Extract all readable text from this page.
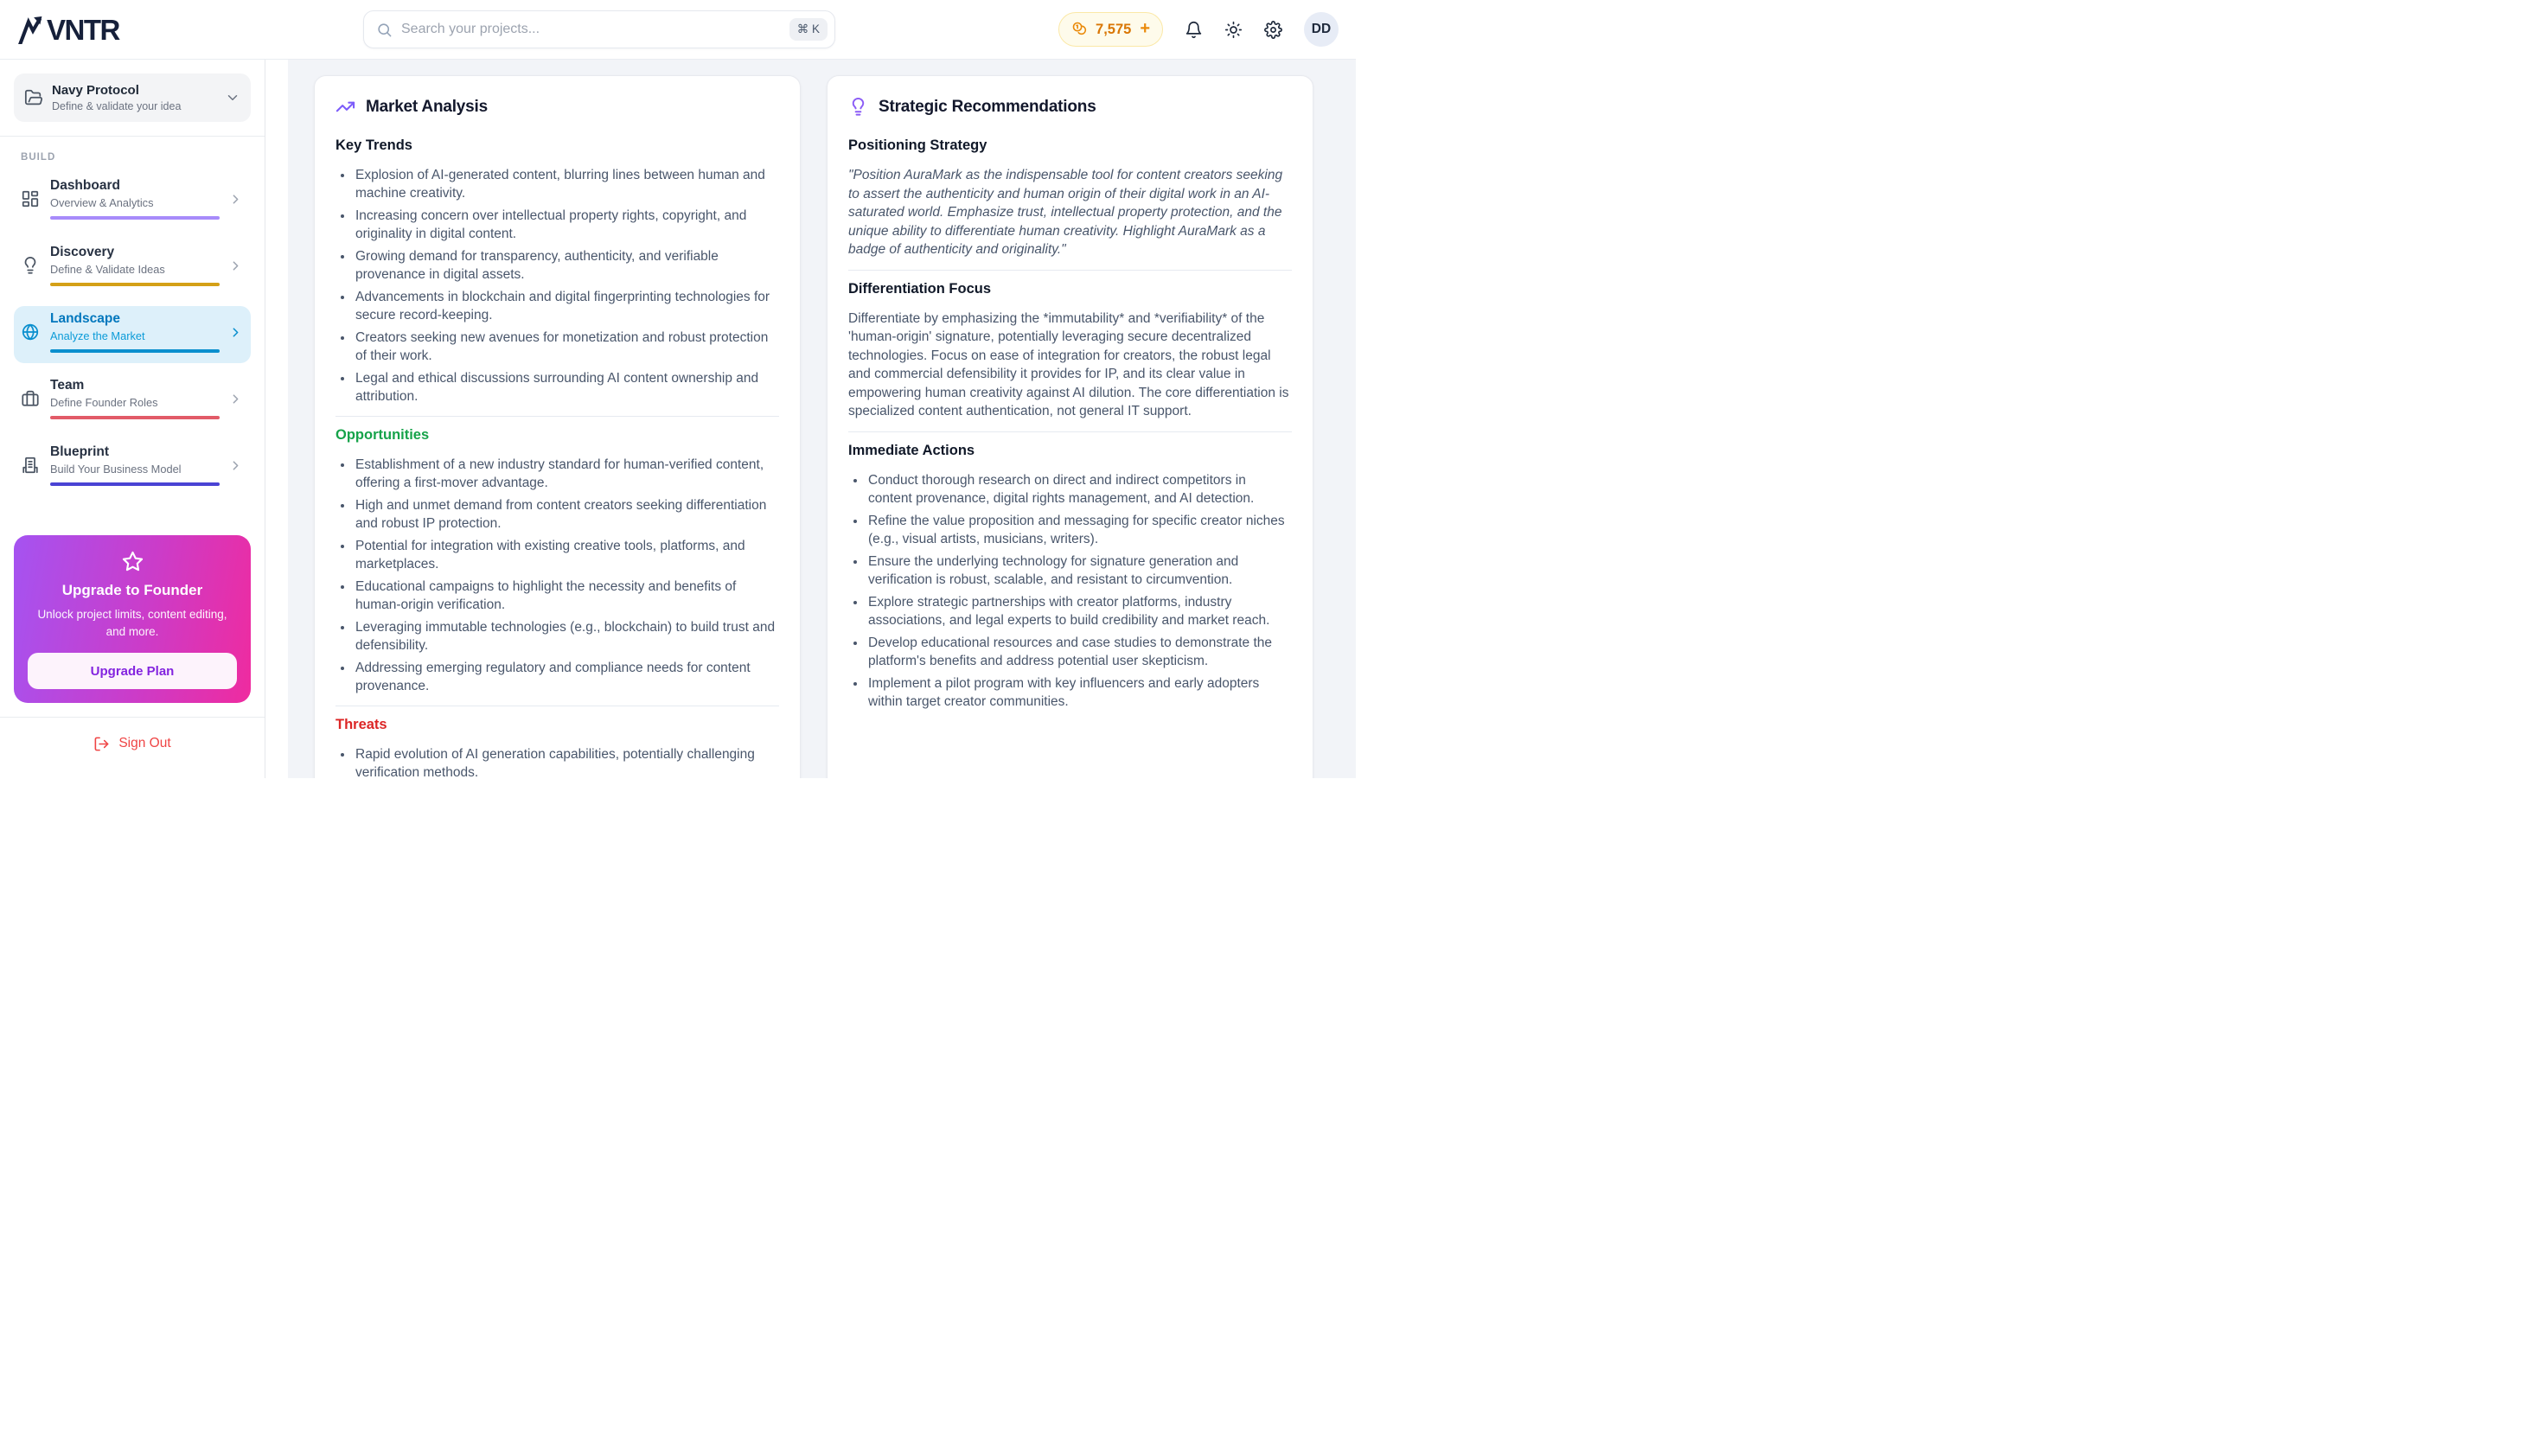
VNTR
Search your projects...	⌘ K	7,575 +	DD
Navy Protocol
Define & validate your idea
BUILD
Dashboard
Overview & Analytics
Discovery
Define & Validate Ideas
Landscape
Analyze the Market
Team
Define Founder Roles
Blueprint
Build Your Business Model
Upgrade to Founder
Unlock project limits, content editing, and more.
Upgrade Plan
Sign Out
Market Analysis
Key Trends
• Explosion of AI-generated content, blurring lines between human and machine creativity.
• Increasing concern over intellectual property rights, copyright, and originality in digital content.
• Growing demand for transparency, authenticity, and verifiable provenance in digital assets.
• Advancements in blockchain and digital fingerprinting technologies for secure record-keeping.
• Creators seeking new avenues for monetization and robust protection of their work.
• Legal and ethical discussions surrounding AI content ownership and attribution.
Opportunities
• Establishment of a new industry standard for human-verified content, offering a first-mover advantage.
• High and unmet demand from content creators seeking differentiation and robust IP protection.
• Potential for integration with existing creative tools, platforms, and marketplaces.
• Educational campaigns to highlight the necessity and benefits of human-origin verification.
• Leveraging immutable technologies (e.g., blockchain) to build trust and defensibility.
• Addressing emerging regulatory and compliance needs for content provenance.
Threats
• Rapid evolution of AI generation capabilities, potentially challenging verification methods.
Strategic Recommendations
Positioning Strategy

"Position AuraMark as the indispensable tool for content creators seeking to assert the authenticity and human origin of their digital work in an AI-saturated world. Emphasize trust, intellectual property protection, and the unique ability to differentiate human creativity. Highlight AuraMark as a badge of authenticity and originality."

Differentiation Focus

Differentiate by emphasizing the *immutability* and *verifiability* of the 'human-origin' signature, potentially leveraging secure decentralized technologies. Focus on ease of integration for creators, the robust legal and commercial defensibility it provides for IP, and its clear value in empowering human creativity against AI dilution. The core differentiation is specialized content authentication, not general IT support.

Immediate Actions
• Conduct thorough research on direct and indirect competitors in content provenance, digital rights management, and AI detection.
• Refine the value proposition and messaging for specific creator niches (e.g., visual artists, musicians, writers).
• Ensure the underlying technology for signature generation and verification is robust, scalable, and resistant to circumvention.
• Explore strategic partnerships with creator platforms, industry associations, and legal experts to build credibility and market reach.
• Develop educational resources and case studies to demonstrate the platform's benefits and address potential user skepticism.
• Implement a pilot program with key influencers and early adopters within target creator communities.
